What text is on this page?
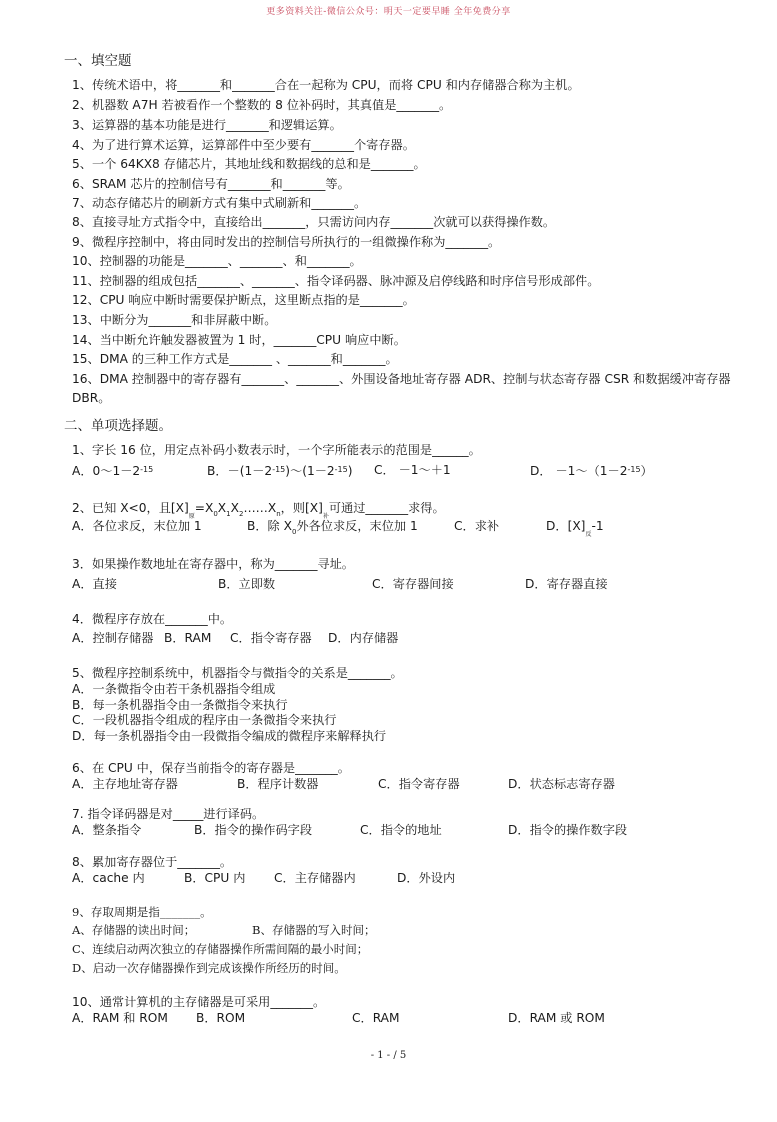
更多资料关注-微信公众号：明天一定要早睡 全年免费分享
一、填空题
1、传统术语中，将_______和_______合在一起称为 CPU，而将 CPU 和内存储器合称为主机。
2、机器数 A7H 若被看作一个整数的 8 位补码时，其真值是_______。
3、运算器的基本功能是进行_______和逻辑运算。
4、为了进行算术运算，运算部件中至少要有_______个寄存器。
5、一个 64KX8 存储芯片，其地址线和数据线的总和是_______。
6、SRAM 芯片的控制信号有_______和_______等。
7、动态存储芯片的刷新方式有集中式刷新和_______。
8、直接寻址方式指令中，直接给出_______，只需访问内存_______次就可以获得操作数。
9、微程序控制中，将由同时发出的控制信号所执行的一组微操作称为_______。
10、控制器的功能是_______、_______、和_______。
11、控制器的组成包括_______、_______、指令译码器、脉冲源及启停线路和时序信号形成部件。
12、CPU 响应中断时需要保护断点，这里断点指的是_______。
13、中断分为_______和非屏蔽中断。
14、当中断允许触发器被置为 1 时，_______CPU 响应中断。
15、DMA 的三种工作方式是_______ 、_______和_______。
16、DMA 控制器中的寄存器有_______、_______、外围设备地址寄存器 ADR、控制与状态寄存器 CSR 和数据缓冲寄存器
DBR。
二、单项选择题。
1、字长 16 位，用定点补码小数表示时，一个字所能表示的范围是______。
A．$0\sim 1-2^{-15}$	B．$-(1-2^{-15})\sim(1-2^{-15})$ C． －1～＋1	D． $-1\sim(1-2^{-15})$
2、已知 X<0，且$[X]_原=X_0X_1X_2\dots\dots X_n$，则$[X]_补$可通过_______求得。
A．各位求反，末位加 1	B．除 $X_0$外各位求反，末位加 1	C．求补	D．$[X]_反-1$
3．如果操作数地址在寄存器中，称为_______寻址。
A．直接	B．立即数	C．寄存器间接	D．寄存器直接
4．微程序存放在_______中。
A．控制存储器 B．RAM C．指令寄存器 D．内存储器
5、微程序控制系统中，机器指令与微指令的关系是_______。
A．一条微指令由若干条机器指令组成
B．每一条机器指令由一条微指令来执行
C．一段机器指令组成的程序由一条微指令来执行
D．每一条机器指令由一段微指令编成的微程序来解释执行
6、在 CPU 中，保存当前指令的寄存器是_______。
A．主存地址寄存器	B．程序计数器	C．指令寄存器	D．状态标志寄存器
7. 指令译码器是对_____进行译码。
A．整条指令	B．指令的操作码字段	C．指令的地址	D．指令的操作数字段
8、累加寄存器位于_______。
A．cache 内	B．CPU 内 C．主存储器内	D．外设内
9、存取周期是指_______。
A、存储器的读出时间；	B、存储器的写入时间；
C、连续启动两次独立的存储器操作所需间隔的最小时间；
D、启动一次存储器操作到完成该操作所经历的时间。
10、通常计算机的主存储器是可采用_______。
A．RAM 和 ROM B．ROM	C．RAM	D．RAM 或 ROM
- 1 - / 5
